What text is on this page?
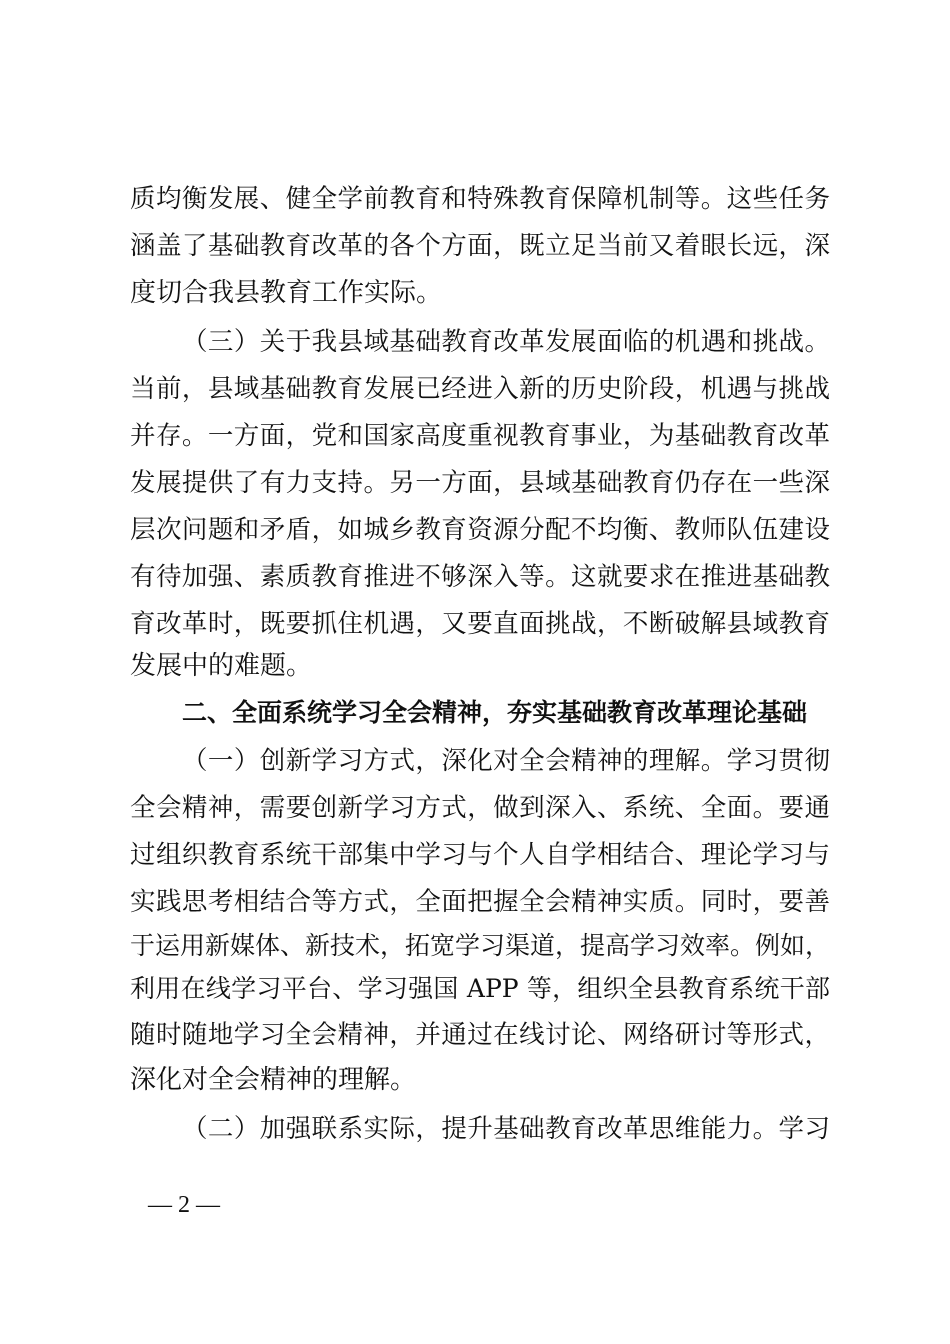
质均衡发展、健全学前教育和特殊教育保障机制等。这些任务
涵盖了基础教育改革的各个方面，既立足当前又着眼长远，深
度切合我县教育工作实际。
（三）关于我县域基础教育改革发展面临的机遇和挑战。
当前，县域基础教育发展已经进入新的历史阶段，机遇与挑战
并存。一方面，党和国家高度重视教育事业，为基础教育改革
发展提供了有力支持。另一方面，县域基础教育仍存在一些深
层次问题和矛盾，如城乡教育资源分配不均衡、教师队伍建设
有待加强、素质教育推进不够深入等。这就要求在推进基础教
育改革时，既要抓住机遇，又要直面挑战，不断破解县域教育
发展中的难题。
二、全面系统学习全会精神，夯实基础教育改革理论基础
（一）创新学习方式，深化对全会精神的理解。学习贯彻
全会精神，需要创新学习方式，做到深入、系统、全面。要通
过组织教育系统干部集中学习与个人自学相结合、理论学习与
实践思考相结合等方式，全面把握全会精神实质。同时，要善
于运用新媒体、新技术，拓宽学习渠道，提高学习效率。例如，
利用在线学习平台、学习强国 APP 等，组织全县教育系统干部
随时随地学习全会精神，并通过在线讨论、网络研讨等形式，
深化对全会精神的理解。
（二）加强联系实际，提升基础教育改革思维能力。学习
— 2 —
